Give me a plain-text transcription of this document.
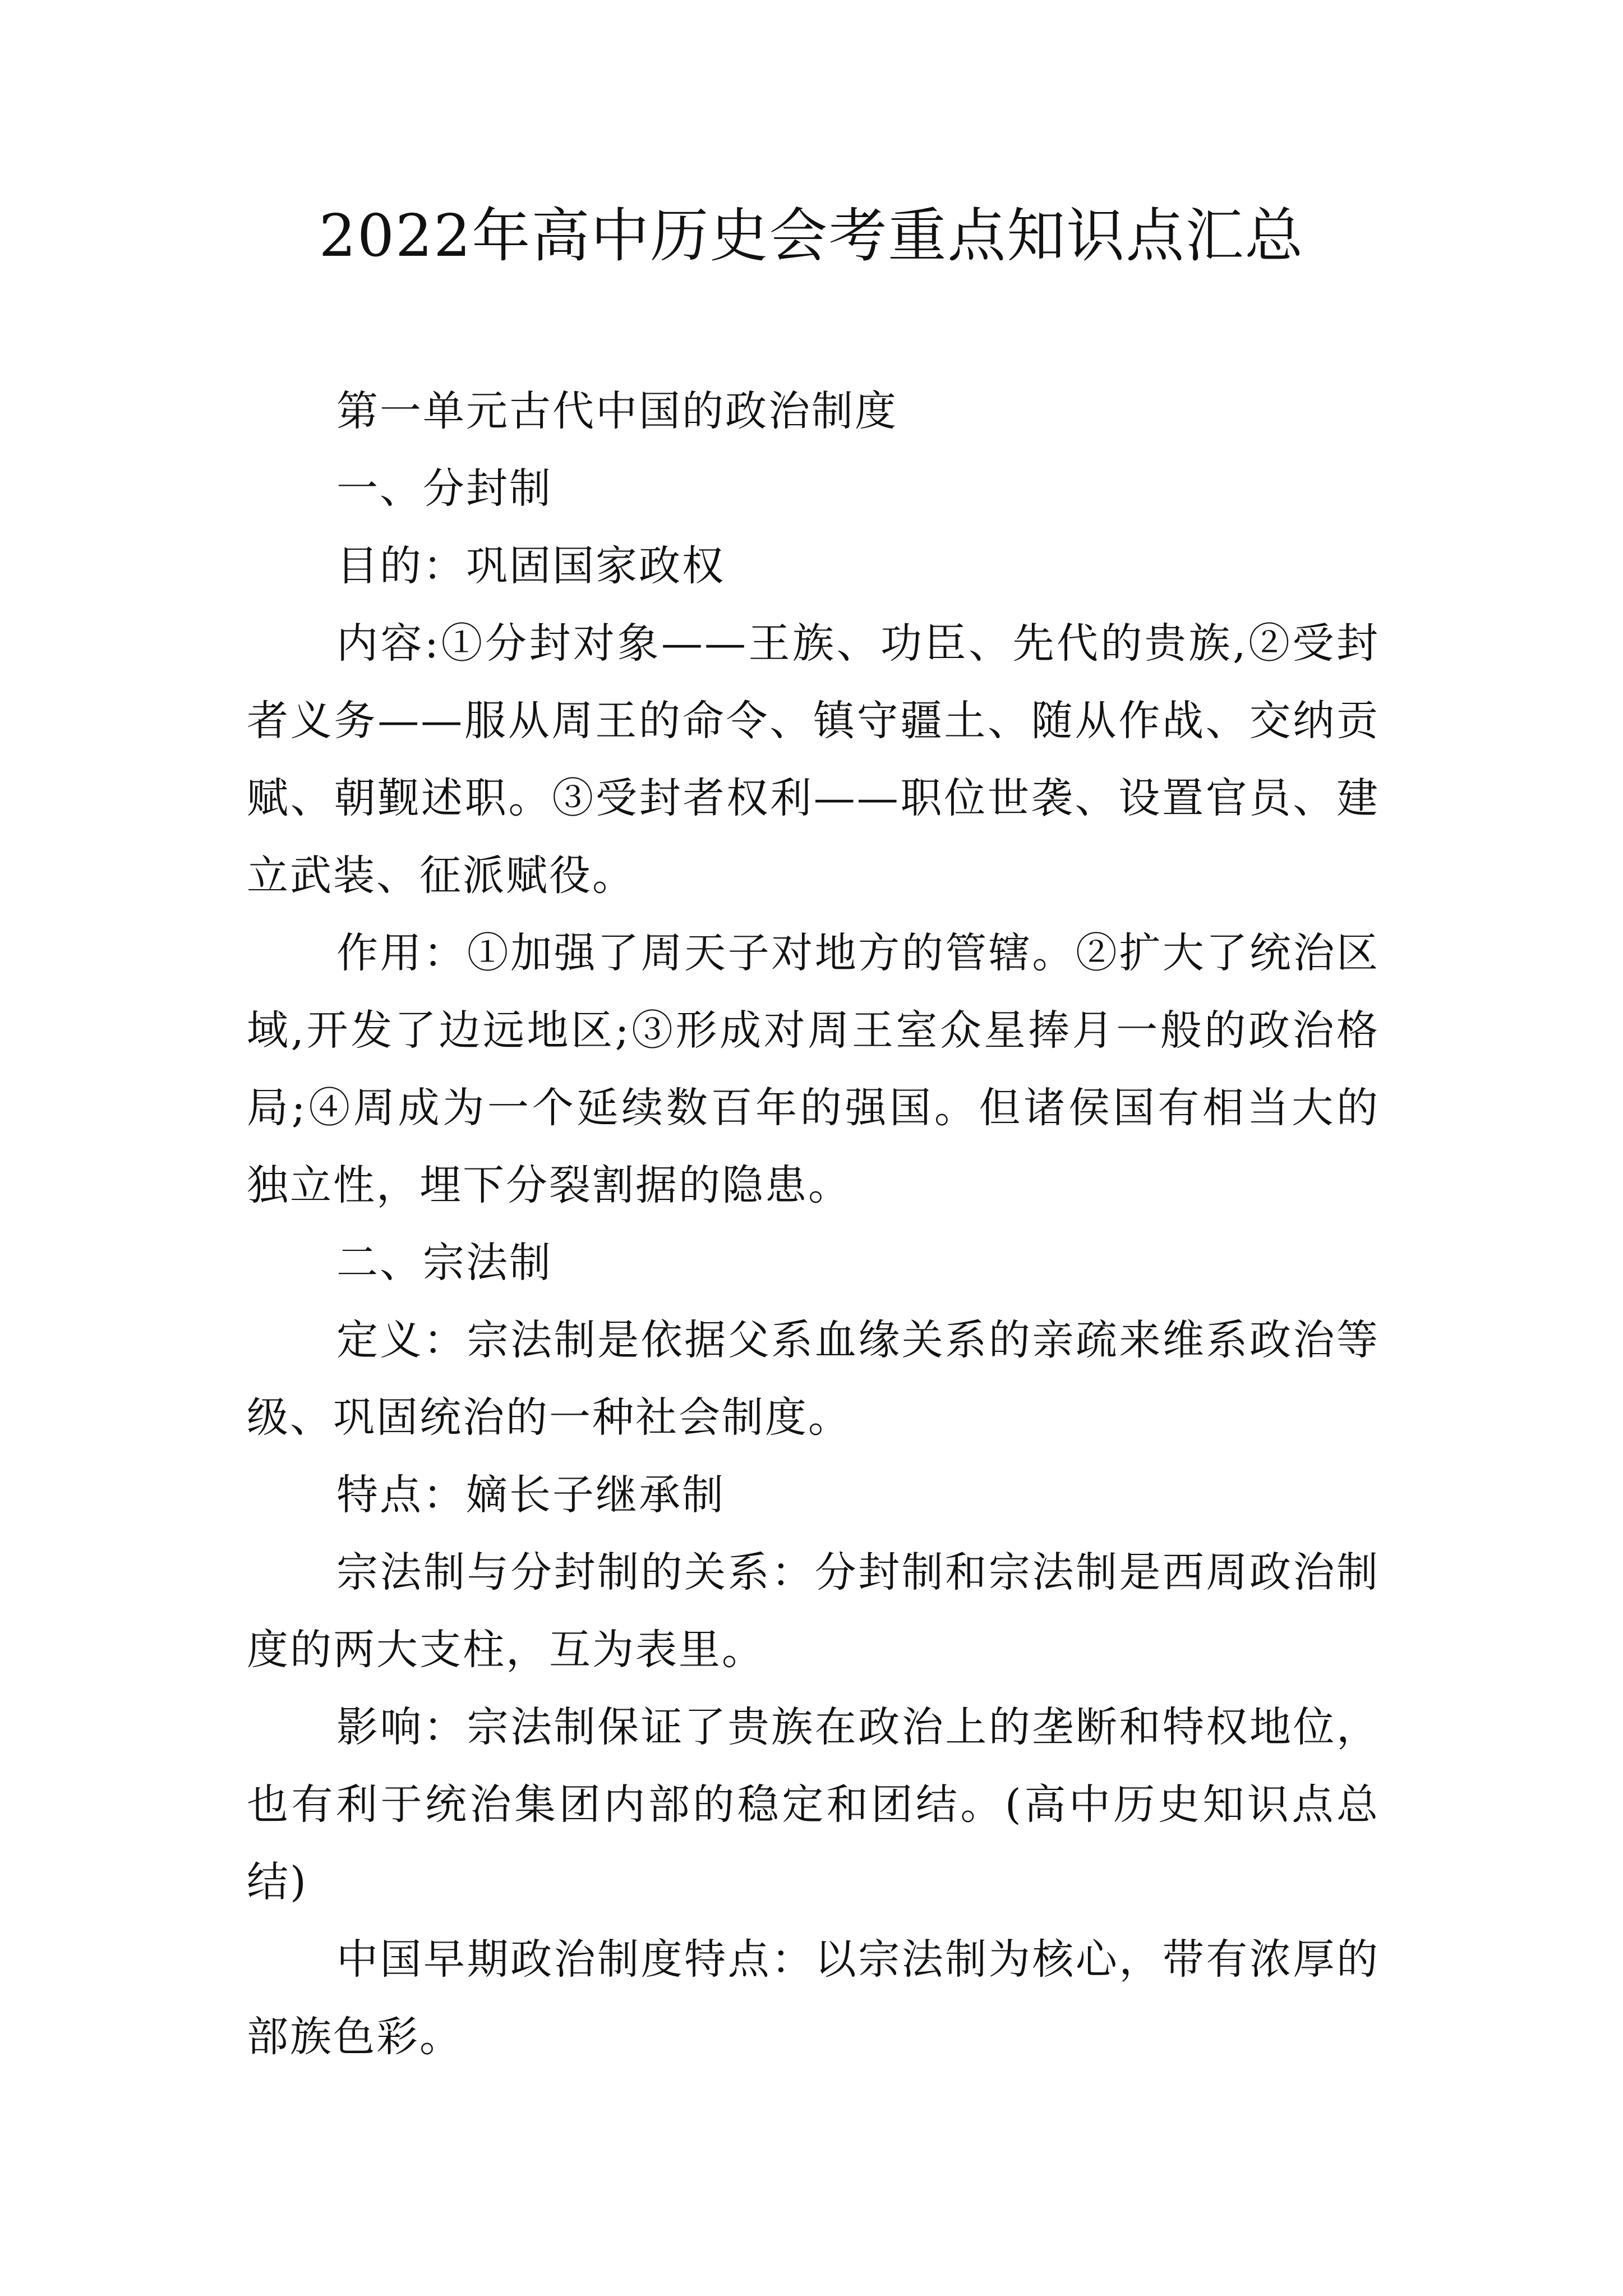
2022年高中历史会考重点知识点汇总

第一单元古代中国的政治制度

一、分封制

目的：巩固国家政权

内容:①分封对象——王族、功臣、先代的贵族,②受封者义务——服从周王的命令、镇守疆土、随从作战、交纳贡赋、朝觐述职。③受封者权利——职位世袭、设置官员、建立武装、征派赋役。

作用：①加强了周天子对地方的管辖。②扩大了统治区域,开发了边远地区;③形成对周王室众星捧月一般的政治格局;④周成为一个延续数百年的强国。但诸侯国有相当大的独立性，埋下分裂割据的隐患。

二、宗法制

定义：宗法制是依据父系血缘关系的亲疏来维系政治等级、巩固统治的一种社会制度。

特点：嫡长子继承制

宗法制与分封制的关系：分封制和宗法制是西周政治制度的两大支柱，互为表里。

影响：宗法制保证了贵族在政治上的垄断和特权地位，也有利于统治集团内部的稳定和团结。(高中历史知识点总结)

中国早期政治制度特点：以宗法制为核心，带有浓厚的部族色彩。
